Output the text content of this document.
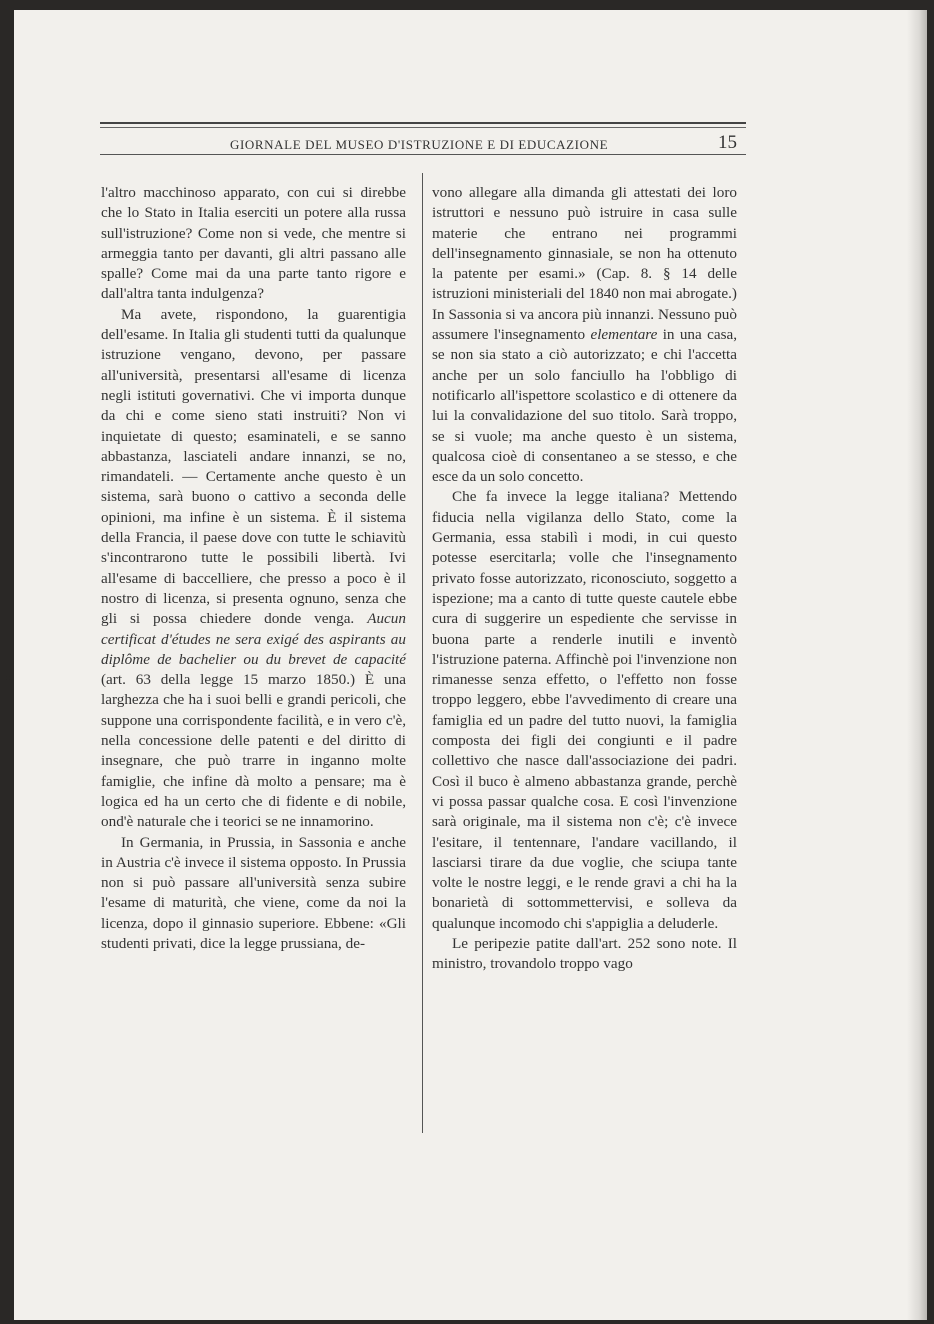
GIORNALE DEL MUSEO D'ISTRUZIONE E DI EDUCAZIONE	15

l'altro macchinoso apparato, con cui si direbbe che lo Stato in Italia eserciti un potere alla russa sull'istruzione? Come non si vede, che mentre si armeggia tanto per davanti, gli altri passano alle spalle? Come mai da una parte tanto rigore e dall'altra tanta indulgenza?

Ma avete, rispondono, la guarentigia dell'esame. In Italia gli studenti tutti da qualunque istruzione vengano, devono, per passare all'università, presentarsi all'esame di licenza negli istituti governativi. Che vi importa dunque da chi e come sieno stati instruiti? Non vi inquietate di questo; esaminateli, e se sanno abbastanza, lasciateli andare innanzi, se no, rimandateli. — Certamente anche questo è un sistema, sarà buono o cattivo a seconda delle opinioni, ma infine è un sistema. È il sistema della Francia, il paese dove con tutte le schiavitù s'incontrarono tutte le possibili libertà. Ivi all'esame di baccelliere, che presso a poco è il nostro di licenza, si presenta ognuno, senza che gli si possa chiedere donde venga. Aucun certificat d'études ne sera exigé des aspirants au diplôme de bachelier ou du brevet de capacité (art. 63 della legge 15 marzo 1850.) È una larghezza che ha i suoi belli e grandi pericoli, che suppone una corrispondente facilità, e in vero c'è, nella concessione delle patenti e del diritto di insegnare, che può trarre in inganno molte famiglie, che infine dà molto a pensare; ma è logica ed ha un certo che di fidente e di nobile, ond'è naturale che i teorici se ne innamorino.

In Germania, in Prussia, in Sassonia e anche in Austria c'è invece il sistema opposto. In Prussia non si può passare all'università senza subire l'esame di maturità, che viene, come da noi la licenza, dopo il ginnasio superiore. Ebbene: «Gli studenti privati, dice la legge prussiana, de-

vono allegare alla dimanda gli attestati dei loro istruttori e nessuno può istruire in casa sulle materie che entrano nei programmi dell'insegnamento ginnasiale, se non ha ottenuto la patente per esami.» (Cap. 8. § 14 delle istruzioni ministeriali del 1840 non mai abrogate.) In Sassonia si va ancora più innanzi. Nessuno può assumere l'insegnamento elementare in una casa, se non sia stato a ciò autorizzato; e chi l'accetta anche per un solo fanciullo ha l'obbligo di notificarlo all'ispettore scolastico e di ottenere da lui la convalidazione del suo titolo. Sarà troppo, se si vuole; ma anche questo è un sistema, qualcosa cioè di consentaneo a se stesso, e che esce da un solo concetto.

Che fa invece la legge italiana? Mettendo fiducia nella vigilanza dello Stato, come la Germania, essa stabilì i modi, in cui questo potesse esercitarla; volle che l'insegnamento privato fosse autorizzato, riconosciuto, soggetto a ispezione; ma a canto di tutte queste cautele ebbe cura di suggerire un espediente che servisse in buona parte a renderle inutili e inventò l'istruzione paterna. Affinchè poi l'invenzione non rimanesse senza effetto, o l'effetto non fosse troppo leggero, ebbe l'avvedimento di creare una famiglia ed un padre del tutto nuovi, la famiglia composta dei figli dei congiunti e il padre collettivo che nasce dall'associazione dei padri. Così il buco è almeno abbastanza grande, perchè vi possa passar qualche cosa. E così l'invenzione sarà originale, ma il sistema non c'è; c'è invece l'esitare, il tentennare, l'andare vacillando, il lasciarsi tirare da due voglie, che sciupa tante volte le nostre leggi, e le rende gravi a chi ha la bonarietà di sottommettervisi, e solleva da qualunque incomodo chi s'appiglia a deluderle.

Le peripezie patite dall'art. 252 sono note. Il ministro, trovandolo troppo vago
